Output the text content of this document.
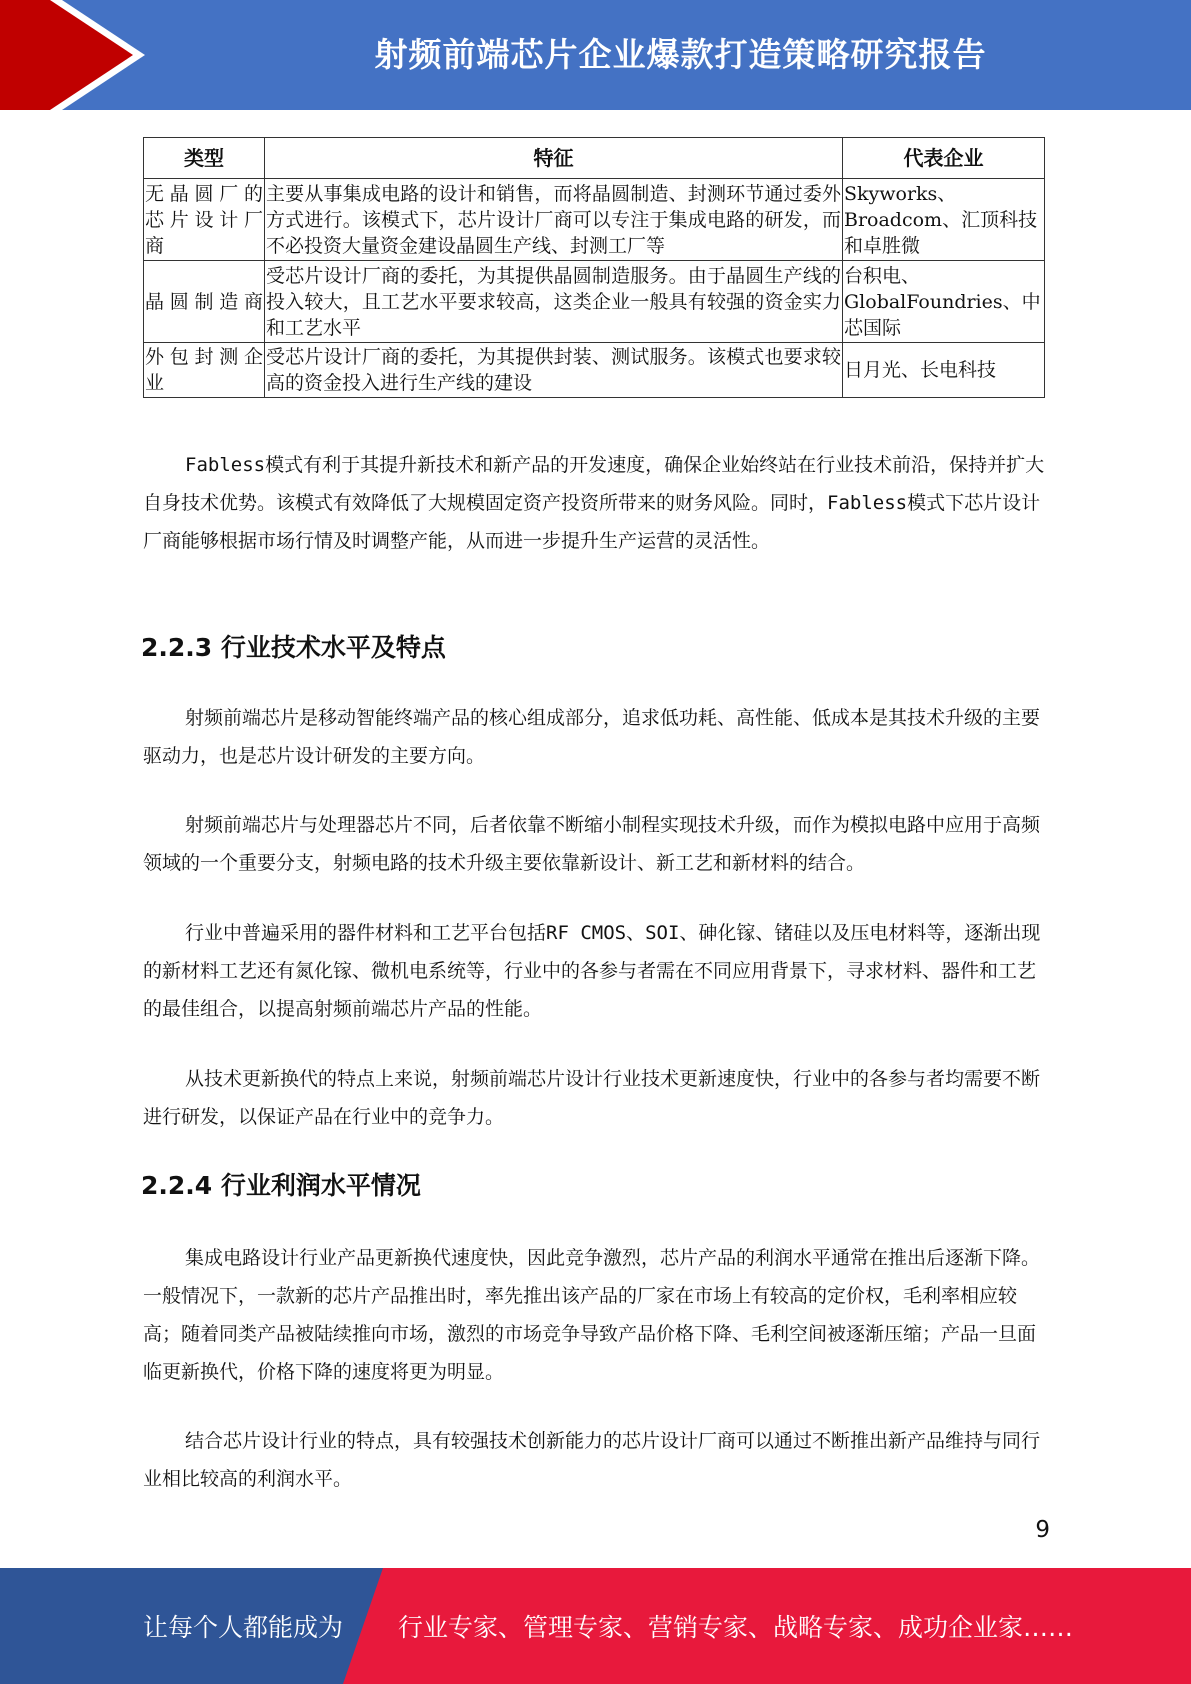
射频前端芯片企业爆款打造策略研究报告
类型	特征	代表企业

无晶圆厂的
芯片设计厂
商	主要从事集成电路的设计和销售，而将晶圆制造、封测环节通过委外方式进行。该模式下，芯片设计厂商可以专注于集成电路的研发，而不必投资大量资金建设晶圆生产线、封测工厂等	Skyworks、Broadcom、汇顶科技和卓胜微

晶圆制造商	受芯片设计厂商的委托，为其提供晶圆制造服务。由于晶圆生产线的投入较大，且工艺水平要求较高，这类企业一般具有较强的资金实力和工艺水平	台积电、GlobalFoundries、中芯国际

外包封测企
业	受芯片设计厂商的委托，为其提供封装、测试服务。该模式也要求较高的资金投入进行生产线的建设	日月光、长电科技

Fabless模式有利于其提升新技术和新产品的开发速度，确保企业始终站在行业技术前沿，保持并扩大自身技术优势。该模式有效降低了大规模固定资产投资所带来的财务风险。同时，Fabless模式下芯片设计厂商能够根据市场行情及时调整产能，从而进一步提升生产运营的灵活性。

2.2.3 行业技术水平及特点

射频前端芯片是移动智能终端产品的核心组成部分，追求低功耗、高性能、低成本是其技术升级的主要驱动力，也是芯片设计研发的主要方向。

射频前端芯片与处理器芯片不同，后者依靠不断缩小制程实现技术升级，而作为模拟电路中应用于高频领域的一个重要分支，射频电路的技术升级主要依靠新设计、新工艺和新材料的结合。

行业中普遍采用的器件材料和工艺平台包括RF CMOS、SOI、砷化镓、锗硅以及压电材料等，逐渐出现的新材料工艺还有氮化镓、微机电系统等，行业中的各参与者需在不同应用背景下，寻求材料、器件和工艺的最佳组合，以提高射频前端芯片产品的性能。

从技术更新换代的特点上来说，射频前端芯片设计行业技术更新速度快，行业中的各参与者均需要不断进行研发，以保证产品在行业中的竞争力。

2.2.4 行业利润水平情况

集成电路设计行业产品更新换代速度快，因此竞争激烈，芯片产品的利润水平通常在推出后逐渐下降。一般情况下，一款新的芯片产品推出时，率先推出该产品的厂家在市场上有较高的定价权，毛利率相应较高；随着同类产品被陆续推向市场，激烈的市场竞争导致产品价格下降、毛利空间被逐渐压缩；产品一旦面临更新换代，价格下降的速度将更为明显。

结合芯片设计行业的特点，具有较强技术创新能力的芯片设计厂商可以通过不断推出新产品维持与同行业相比较高的利润水平。

9
让每个人都能成为 行业专家、管理专家、营销专家、战略专家、成功企业家……
